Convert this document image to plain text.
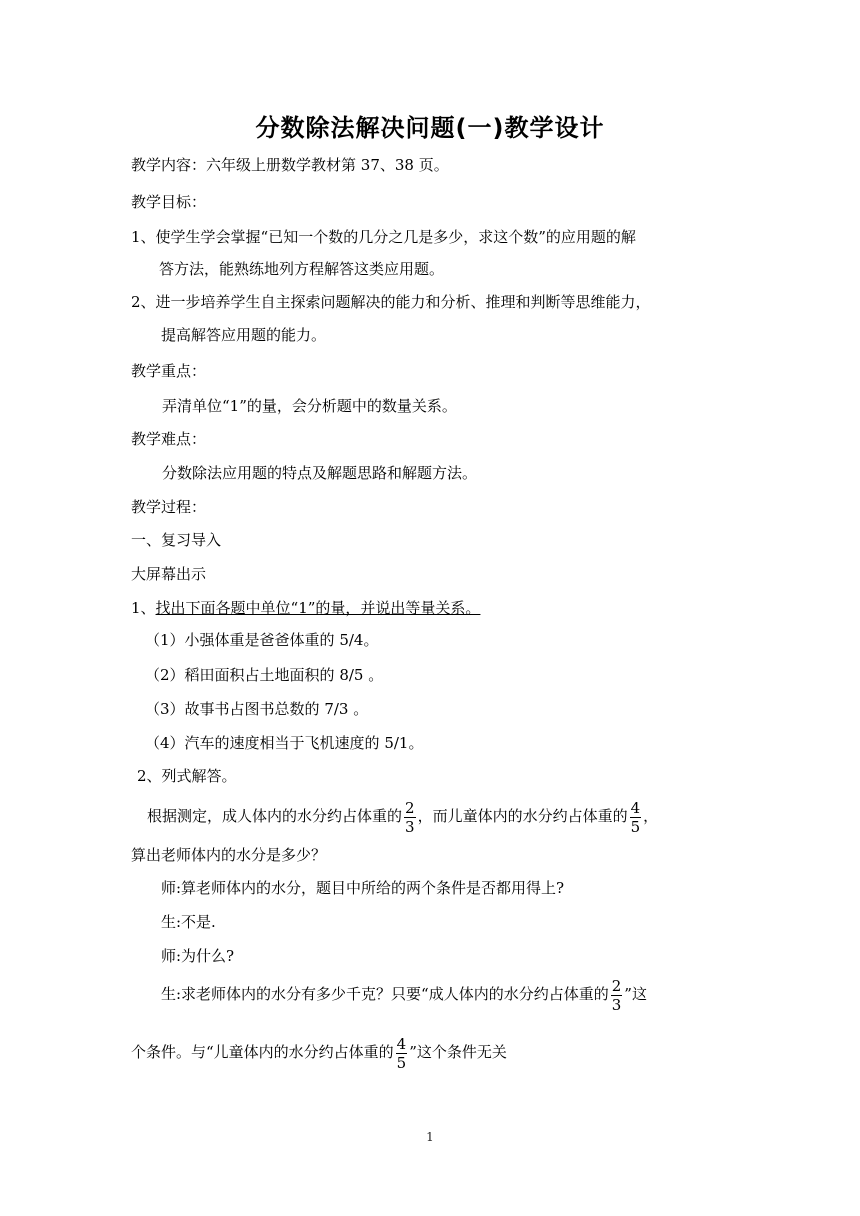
分数除法解决问题(一)教学设计
教学内容：六年级上册数学教材第 37、38 页。
教学目标：
1、使学生学会掌握“已知一个数的几分之几是多少，求这个数”的应用题的解
答方法，能熟练地列方程解答这类应用题。
2、进一步培养学生自主探索问题解决的能力和分析、推理和判断等思维能力，
提高解答应用题的能力。
教学重点：
弄清单位“1”的量，会分析题中的数量关系。
教学难点：
分数除法应用题的特点及解题思路和解题方法。
教学过程：
一、复习导入
大屏幕出示
1、找出下面各题中单位“1”的量，并说出等量关系。
（1）小强体重是爸爸体重的 5/4。
（2）稻田面积占土地面积的 8/5 。
（3）故事书占图书总数的 7/3 。
（4）汽车的速度相当于飞机速度的 5/1。
2、列式解答。
根据测定，成人体内的水分约占体重的 $\frac{2}{3}$ ，而儿童体内的水分约占体重的 $\frac{4}{5}$ ，
算出老师体内的水分是多少？
师:算老师体内的水分，题目中所给的两个条件是否都用得上?
生:不是.
师:为什么?
生:求老师体内的水分有多少千克？只要“成人体内的水分约占体重的 $\frac{2}{3}$ ”这
个条件。与“儿童体内的水分约占体重的 $\frac{4}{5}$ ”这个条件无关
1
